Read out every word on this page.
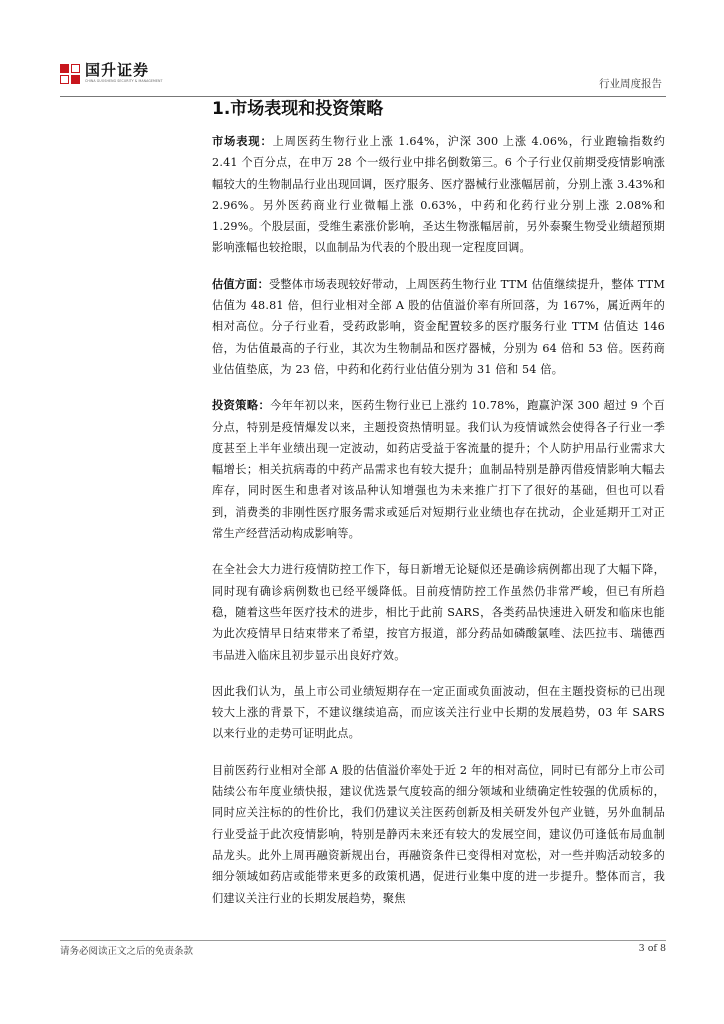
国升证券
CHINA GUOSHENG SECURITY & MANAGEMENT	行业周度报告
1.市场表现和投资策略

市场表现：上周医药生物行业上涨 1.64%，沪深 300 上涨 4.06%，行业跑输指数约 2.41 个百分点，在申万 28 个一级行业中排名倒数第三。6 个子行业仅前期受疫情影响涨幅较大的生物制品行业出现回调，医疗服务、医疗器械行业涨幅居前，分别上涨 3.43%和 2.96%。另外医药商业行业微幅上涨 0.63%，中药和化药行业分别上涨 2.08%和 1.29%。个股层面，受维生素涨价影响，圣达生物涨幅居前，另外泰聚生物受业绩超预期影响涨幅也较抢眼，以血制品为代表的个股出现一定程度回调。

估值方面：受整体市场表现较好带动，上周医药生物行业 TTM 估值继续提升，整体 TTM 估值为 48.81 倍，但行业相对全部 A 股的估值溢价率有所回落，为 167%，属近两年的相对高位。分子行业看，受药政影响，资金配置较多的医疗服务行业 TTM 估值达 146 倍，为估值最高的子行业，其次为生物制品和医疗器械，分别为 64 倍和 53 倍。医药商业估值垫底，为 23 倍，中药和化药行业估值分别为 31 倍和 54 倍。

投资策略：今年年初以来，医药生物行业已上涨约 10.78%，跑赢沪深 300 超过 9 个百分点，特别是疫情爆发以来，主题投资热情明显。我们认为疫情诚然会使得各子行业一季度甚至上半年业绩出现一定波动，如药店受益于客流量的提升；个人防护用品行业需求大幅增长；相关抗病毒的中药产品需求也有较大提升；血制品特别是静丙借疫情影响大幅去库存，同时医生和患者对该品种认知增强也为未来推广打下了很好的基础，但也可以看到，消费类的非刚性医疗服务需求或延后对短期行业业绩也存在扰动，企业延期开工对正常生产经营活动构成影响等。

在全社会大力进行疫情防控工作下，每日新增无论疑似还是确诊病例都出现了大幅下降，同时现有确诊病例数也已经平缓降低。目前疫情防控工作虽然仍非常严峻，但已有所趋稳，随着这些年医疗技术的进步，相比于此前 SARS，各类药品快速进入研发和临床也能为此次疫情早日结束带来了希望，按官方报道，部分药品如磷酸氯喹、法匹拉韦、瑞德西韦品进入临床且初步显示出良好疗效。

因此我们认为，虽上市公司业绩短期存在一定正面或负面波动，但在主题投资标的已出现较大上涨的背景下，不建议继续追高，而应该关注行业中长期的发展趋势，03 年 SARS 以来行业的走势可证明此点。

目前医药行业相对全部 A 股的估值溢价率处于近 2 年的相对高位，同时已有部分上市公司陆续公布年度业绩快报，建议优选景气度较高的细分领域和业绩确定性较强的优质标的，同时应关注标的的性价比，我们仍建议关注医药创新及相关研发外包产业链，另外血制品行业受益于此次疫情影响，特别是静丙未来还有较大的发展空间，建议仍可逢低布局血制品龙头。此外上周再融资新规出台，再融资条件已变得相对宽松，对一些并购活动较多的细分领域如药店或能带来更多的政策机遇，促进行业集中度的进一步提升。整体而言，我们建议关注行业的长期发展趋势，聚焦

请务必阅读正文之后的免责条款	3 of 8
